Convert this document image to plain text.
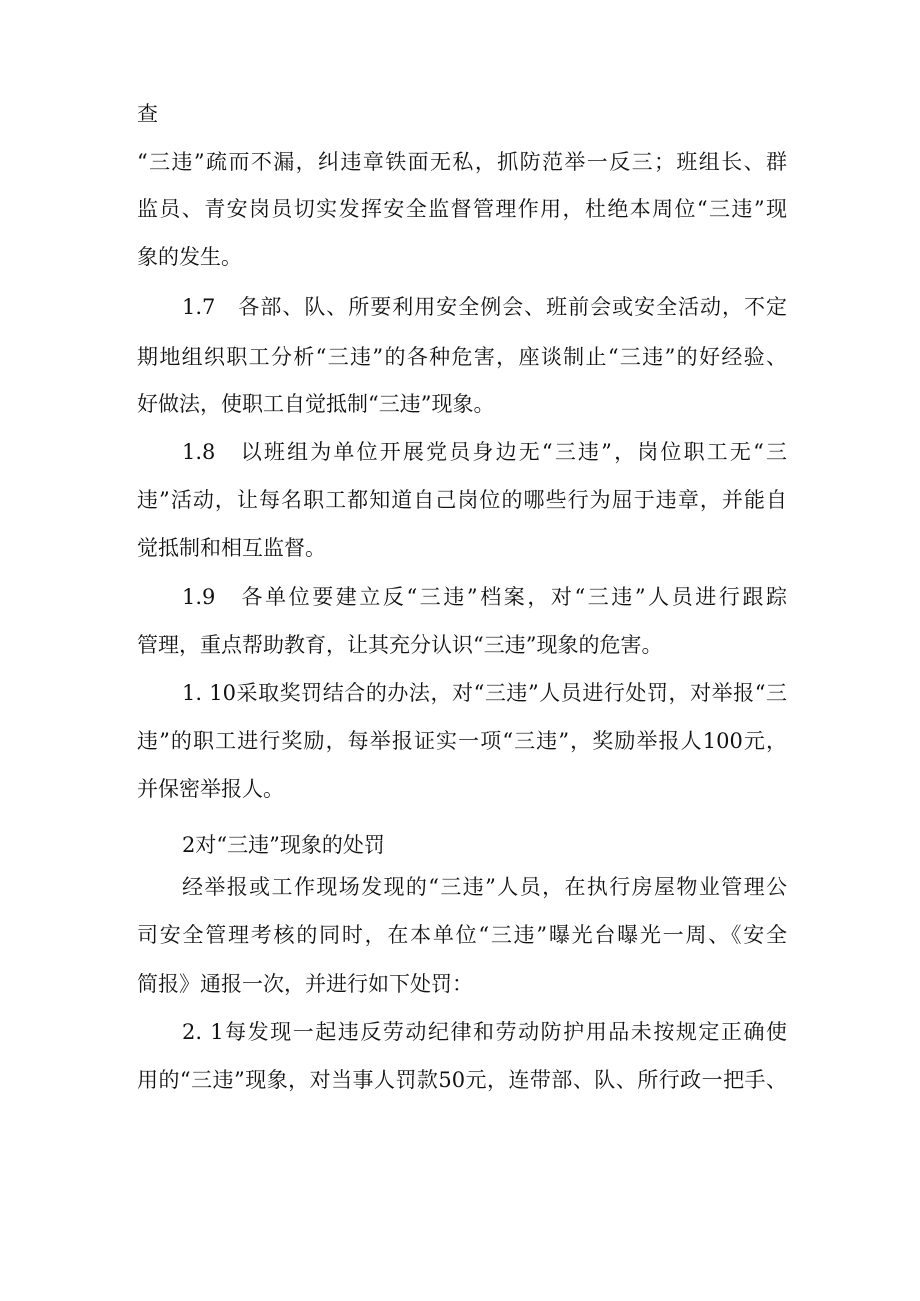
查
“三违”疏而不漏，纠违章铁面无私，抓防范举一反三；班组长、群
监员、青安岗员切实发挥安全监督管理作用，杜绝本周位“三违”现
象的发生。
1.7　各部、队、所要利用安全例会、班前会或安全活动，不定
期地组织职工分析“三违”的各种危害，座谈制止“三违”的好经验、
好做法，使职工自觉抵制“三违”现象。
1.8　以班组为单位开展党员身边无“三违”，岗位职工无“三
违”活动，让每名职工都知道自己岗位的哪些行为屈于违章，并能自
觉抵制和相互监督。
1.9　各单位要建立反“三违”档案，对“三违”人员进行跟踪
管理，重点帮助教育，让其充分认识“三违”现象的危害。
1. 10采取奖罚结合的办法，对“三违”人员进行处罚，对举报“三
违”的职工进行奖励，每举报证实一项“三违”，奖励举报人100元，
并保密举报人。
2对“三违”现象的处罚
经举报或工作现场发现的“三违”人员，在执行房屋物业管理公
司安全管理考核的同时，在本单位“三违”曝光台曝光一周、《安全
简报》通报一次，并进行如下处罚：
2. 1每发现一起违反劳动纪律和劳动防护用品未按规定正确使
用的“三违”现象，对当事人罚款50元，连带部、队、所行政一把手、
